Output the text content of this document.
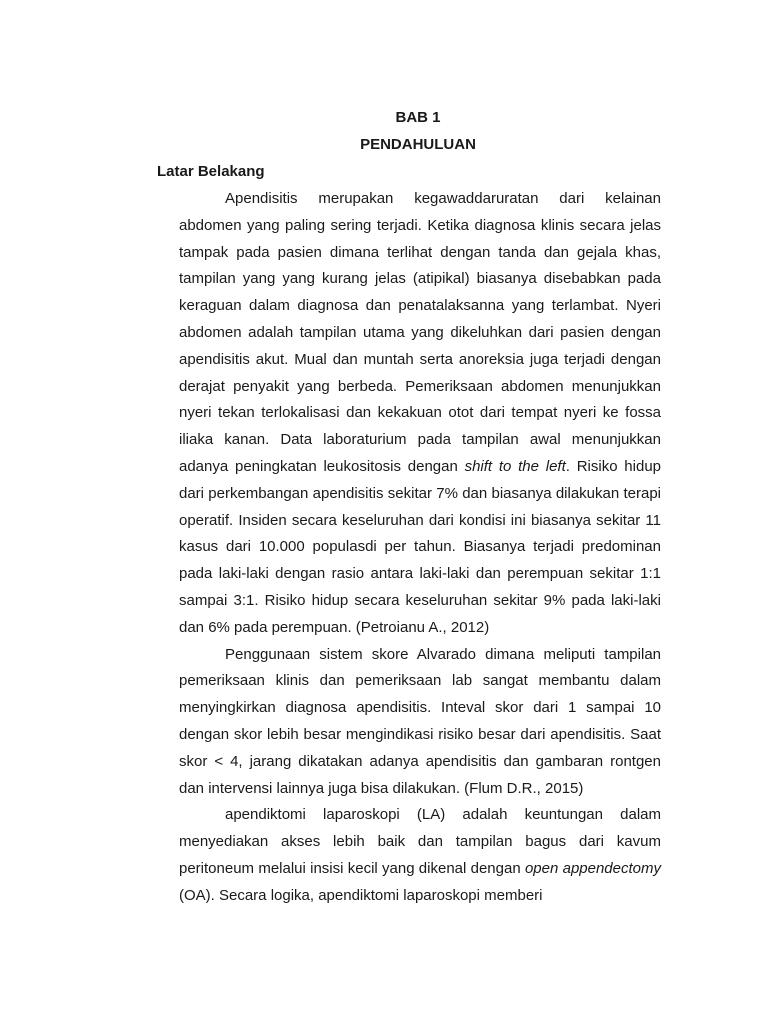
BAB 1
PENDAHULUAN
Latar Belakang

Apendisitis merupakan kegawaddaruratan dari kelainan abdomen yang paling sering terjadi. Ketika diagnosa klinis secara jelas tampak pada pasien dimana terlihat dengan tanda dan gejala khas, tampilan yang yang kurang jelas (atipikal) biasanya disebabkan pada keraguan dalam diagnosa dan penatalaksanna yang terlambat. Nyeri abdomen adalah tampilan utama yang dikeluhkan dari pasien dengan apendisitis akut. Mual dan muntah serta anoreksia juga terjadi dengan derajat penyakit yang berbeda. Pemeriksaan abdomen menunjukkan nyeri tekan terlokalisasi dan kekakuan otot dari tempat nyeri ke fossa iliaka kanan. Data laboraturium pada tampilan awal menunjukkan adanya peningkatan leukositosis dengan shift to the left. Risiko hidup dari perkembangan apendisitis sekitar 7% dan biasanya dilakukan terapi operatif. Insiden secara keseluruhan dari kondisi ini biasanya sekitar 11 kasus dari 10.000 populasdi per tahun. Biasanya terjadi predominan pada laki-laki dengan rasio antara laki-laki dan perempuan sekitar 1:1 sampai 3:1. Risiko hidup secara keseluruhan sekitar 9% pada laki-laki dan 6% pada perempuan. (Petroianu A., 2012)

Penggunaan sistem skore Alvarado dimana meliputi tampilan pemeriksaan klinis dan pemeriksaan lab sangat membantu dalam menyingkirkan diagnosa apendisitis. Inteval skor dari 1 sampai 10 dengan skor lebih besar mengindikasi risiko besar dari apendisitis. Saat skor < 4, jarang dikatakan adanya apendisitis dan gambaran rontgen dan intervensi lainnya juga bisa dilakukan. (Flum D.R., 2015)

apendiktomi laparoskopi (LA) adalah keuntungan dalam menyediakan akses lebih baik dan tampilan bagus dari kavum peritoneum melalui insisi kecil yang dikenal dengan open appendectomy (OA). Secara logika, apendiktomi laparoskopi memberi
